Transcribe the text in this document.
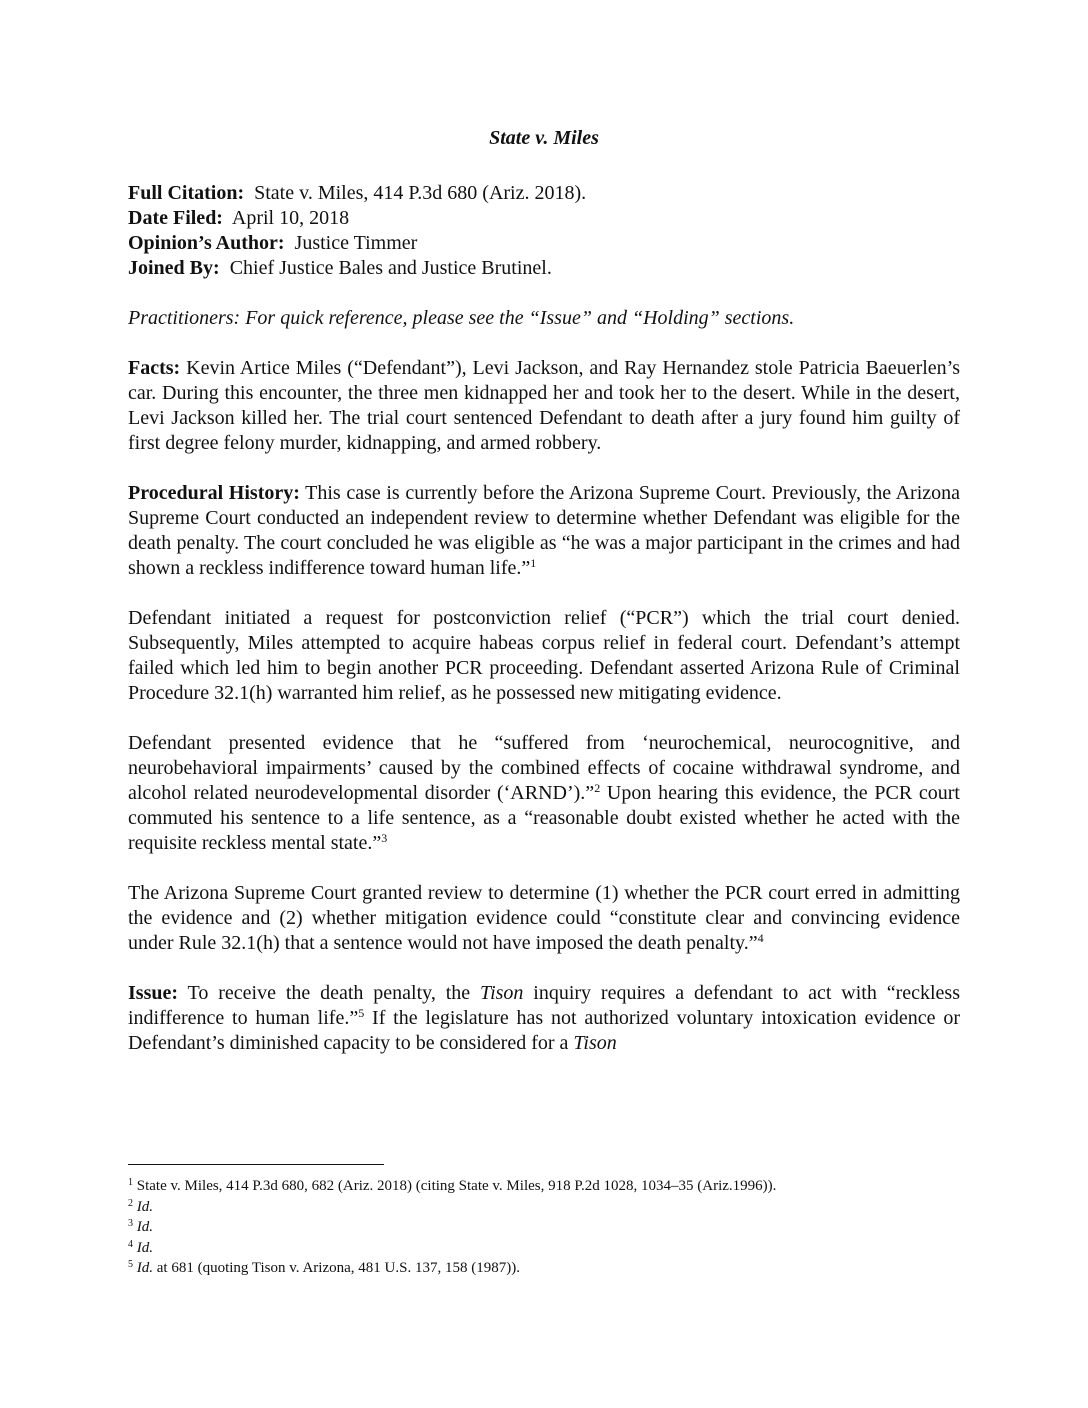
State v. Miles

Full Citation: State v. Miles, 414 P.3d 680 (Ariz. 2018).

Date Filed: April 10, 2018

Opinion’s Author: Justice Timmer

Joined By: Chief Justice Bales and Justice Brutinel.

Practitioners: For quick reference, please see the “Issue” and “Holding” sections.

Facts: Kevin Artice Miles (“Defendant”), Levi Jackson, and Ray Hernandez stole Patricia Baeuerlen’s car. During this encounter, the three men kidnapped her and took her to the desert. While in the desert, Levi Jackson killed her. The trial court sentenced Defendant to death after a jury found him guilty of first degree felony murder, kidnapping, and armed robbery.

Procedural History: This case is currently before the Arizona Supreme Court. Previously, the Arizona Supreme Court conducted an independent review to determine whether Defendant was eligible for the death penalty. The court concluded he was eligible as “he was a major participant in the crimes and had shown a reckless indifference toward human life.”$^1$

Defendant initiated a request for postconviction relief (“PCR”) which the trial court denied. Subsequently, Miles attempted to acquire habeas corpus relief in federal court. Defendant’s attempt failed which led him to begin another PCR proceeding. Defendant asserted Arizona Rule of Criminal Procedure 32.1(h) warranted him relief, as he possessed new mitigating evidence.

Defendant presented evidence that he “suffered from ‘neurochemical, neurocognitive, and neurobehavioral impairments’ caused by the combined effects of cocaine withdrawal syndrome, and alcohol related neurodevelopmental disorder (‘ARND’).”$^2$ Upon hearing this evidence, the PCR court commuted his sentence to a life sentence, as a “reasonable doubt existed whether he acted with the requisite reckless mental state.”$^3$

The Arizona Supreme Court granted review to determine (1) whether the PCR court erred in admitting the evidence and (2) whether mitigation evidence could “constitute clear and convincing evidence under Rule 32.1(h) that a sentence would not have imposed the death penalty.”$^4$

Issue: To receive the death penalty, the Tison inquiry requires a defendant to act with “reckless indifference to human life.”$^5$ If the legislature has not authorized voluntary intoxication evidence or Defendant’s diminished capacity to be considered for a Tison

$^1$ State v. Miles, 414 P.3d 680, 682 (Ariz. 2018) (citing State v. Miles, 918 P.2d 1028, 1034–35 (Ariz.1996)).

$^2$ Id.

$^3$ Id.

$^4$ Id.

$^5$ Id. at 681 (quoting Tison v. Arizona, 481 U.S. 137, 158 (1987)).
